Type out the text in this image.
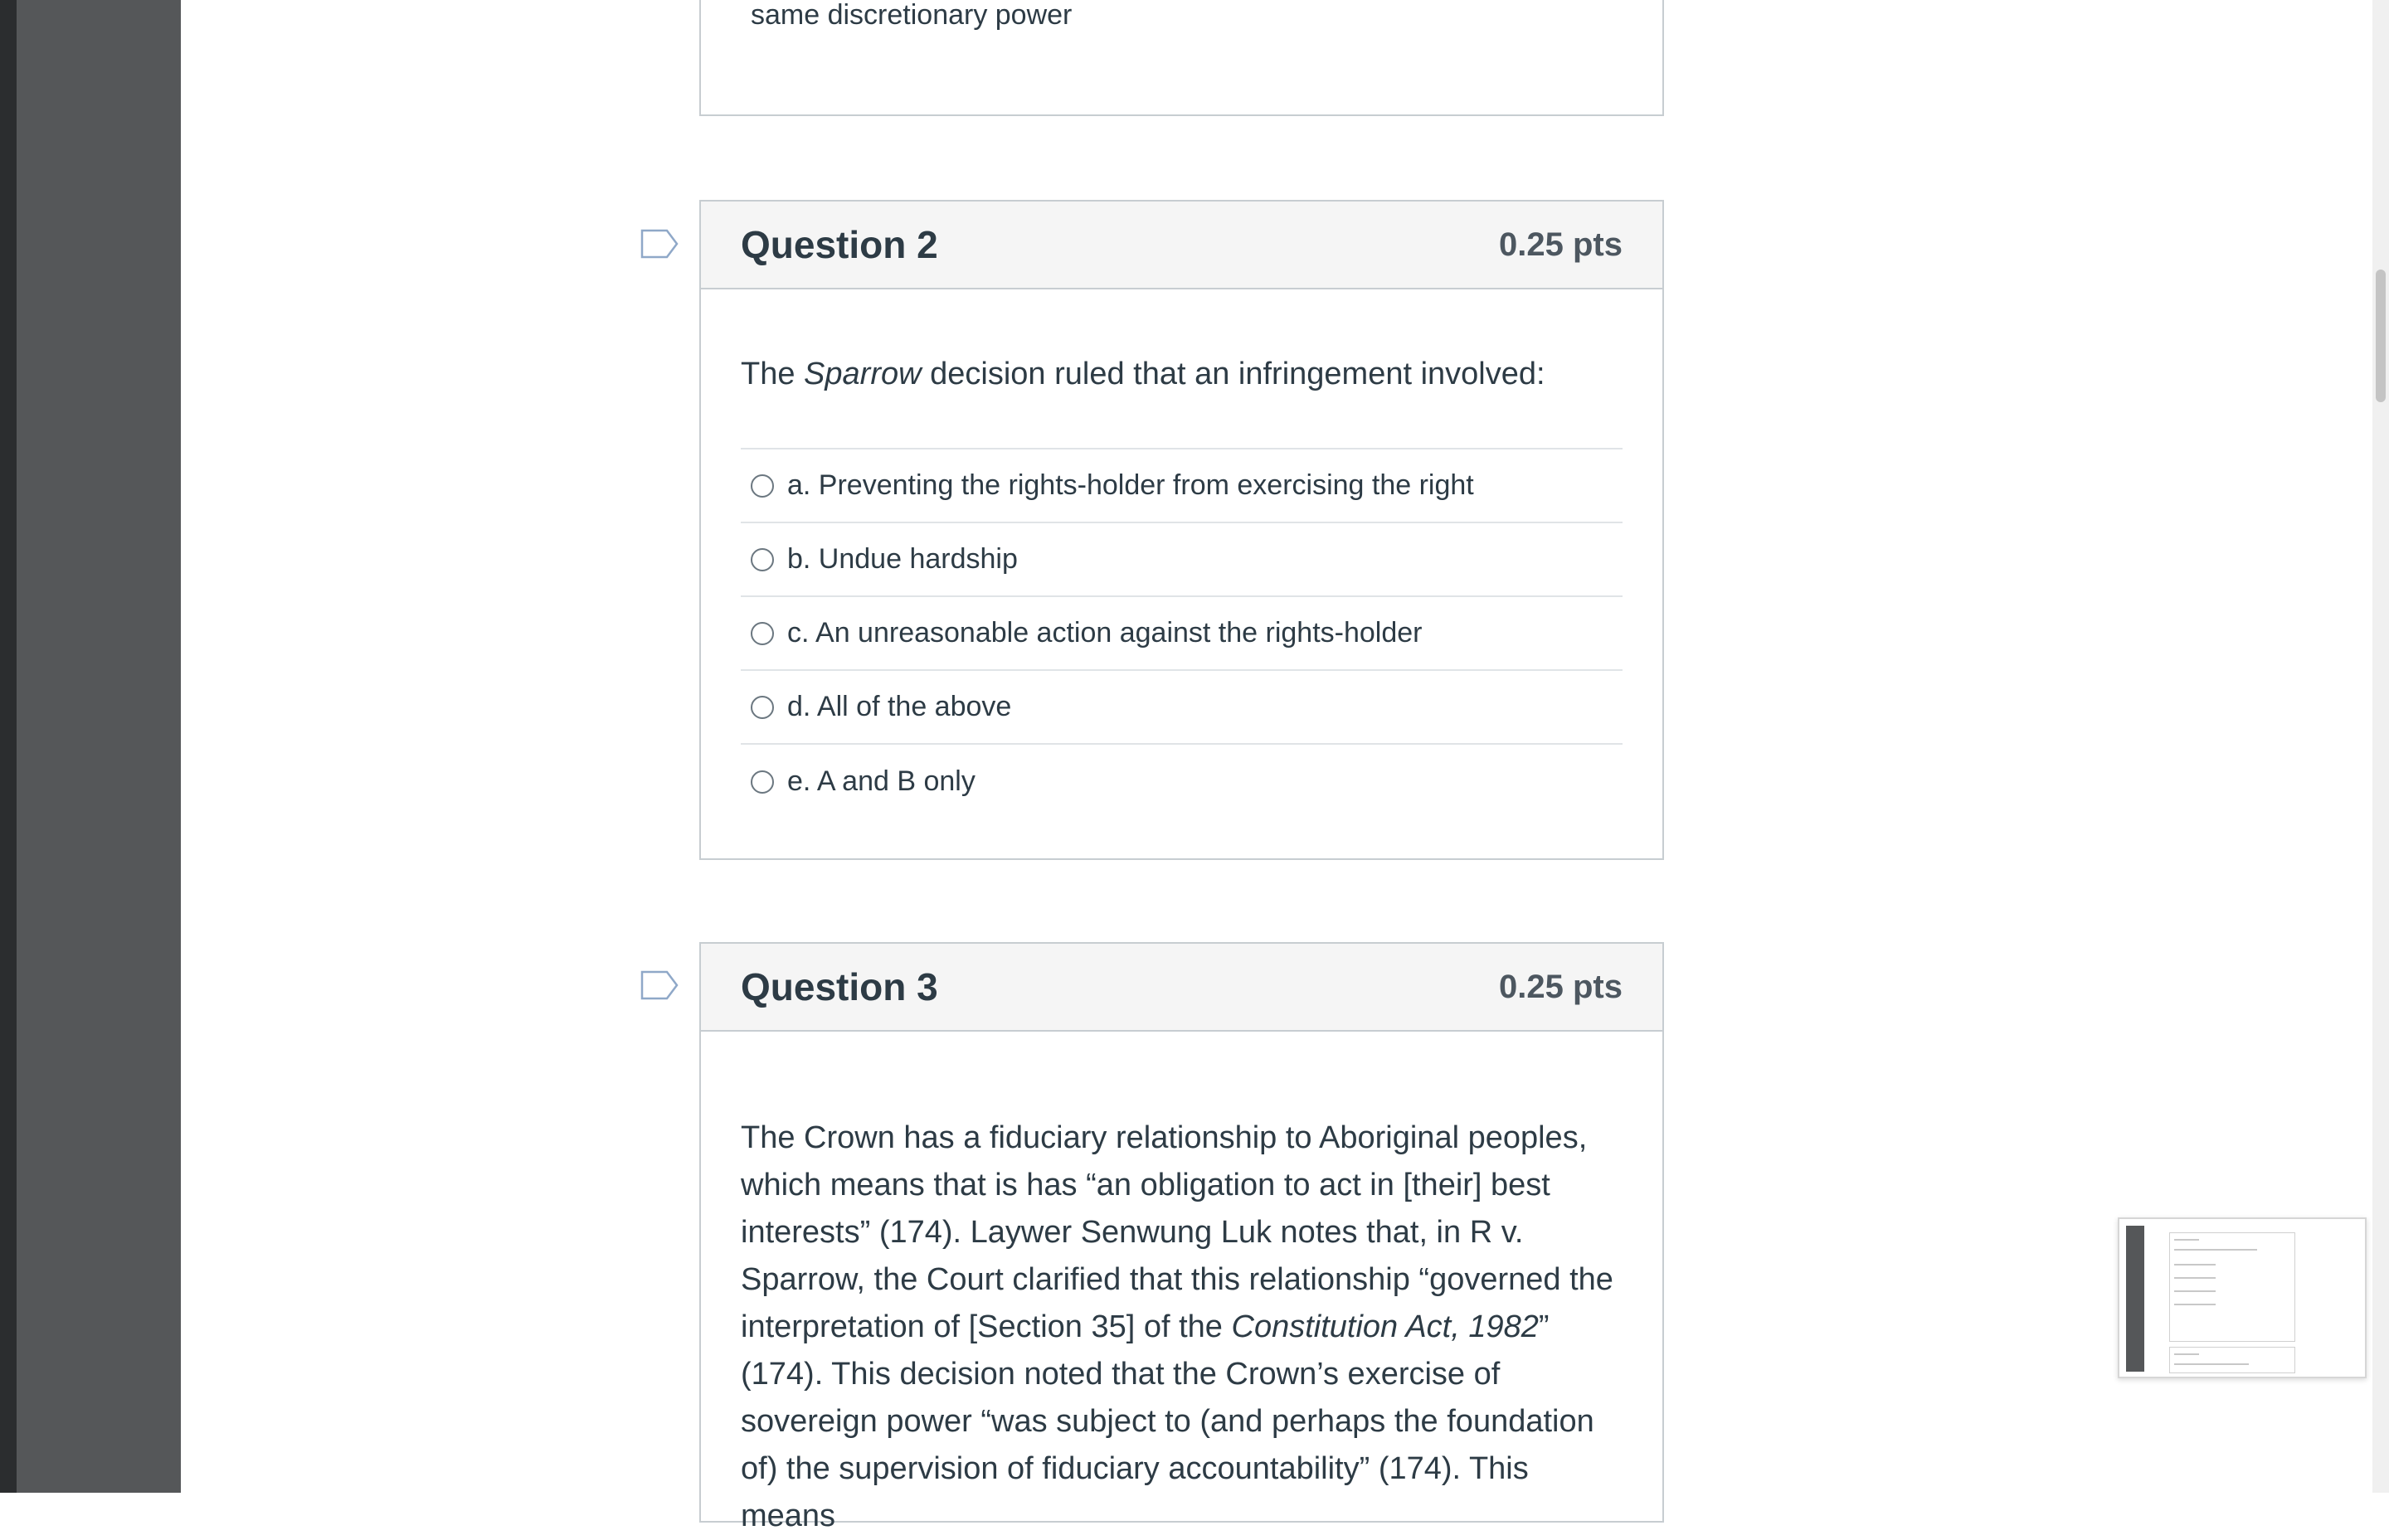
same discretionary power
Question 2	0.25 pts
The Sparrow decision ruled that an infringement involved:
a. Preventing the rights-holder from exercising the right
b. Undue hardship
c. An unreasonable action against the rights-holder
d. All of the above
e. A and B only
Question 3	0.25 pts
The Crown has a fiduciary relationship to Aboriginal peoples, which means that is has “an obligation to act in [their] best interests” (174). Laywer Senwung Luk notes that, in R v. Sparrow, the Court clarified that this relationship “governed the interpretation of [Section 35] of the Constitution Act, 1982” (174). This decision noted that the Crown’s exercise of sovereign power “was subject to (and perhaps the foundation of) the supervision of fiduciary accountability” (174). This means
